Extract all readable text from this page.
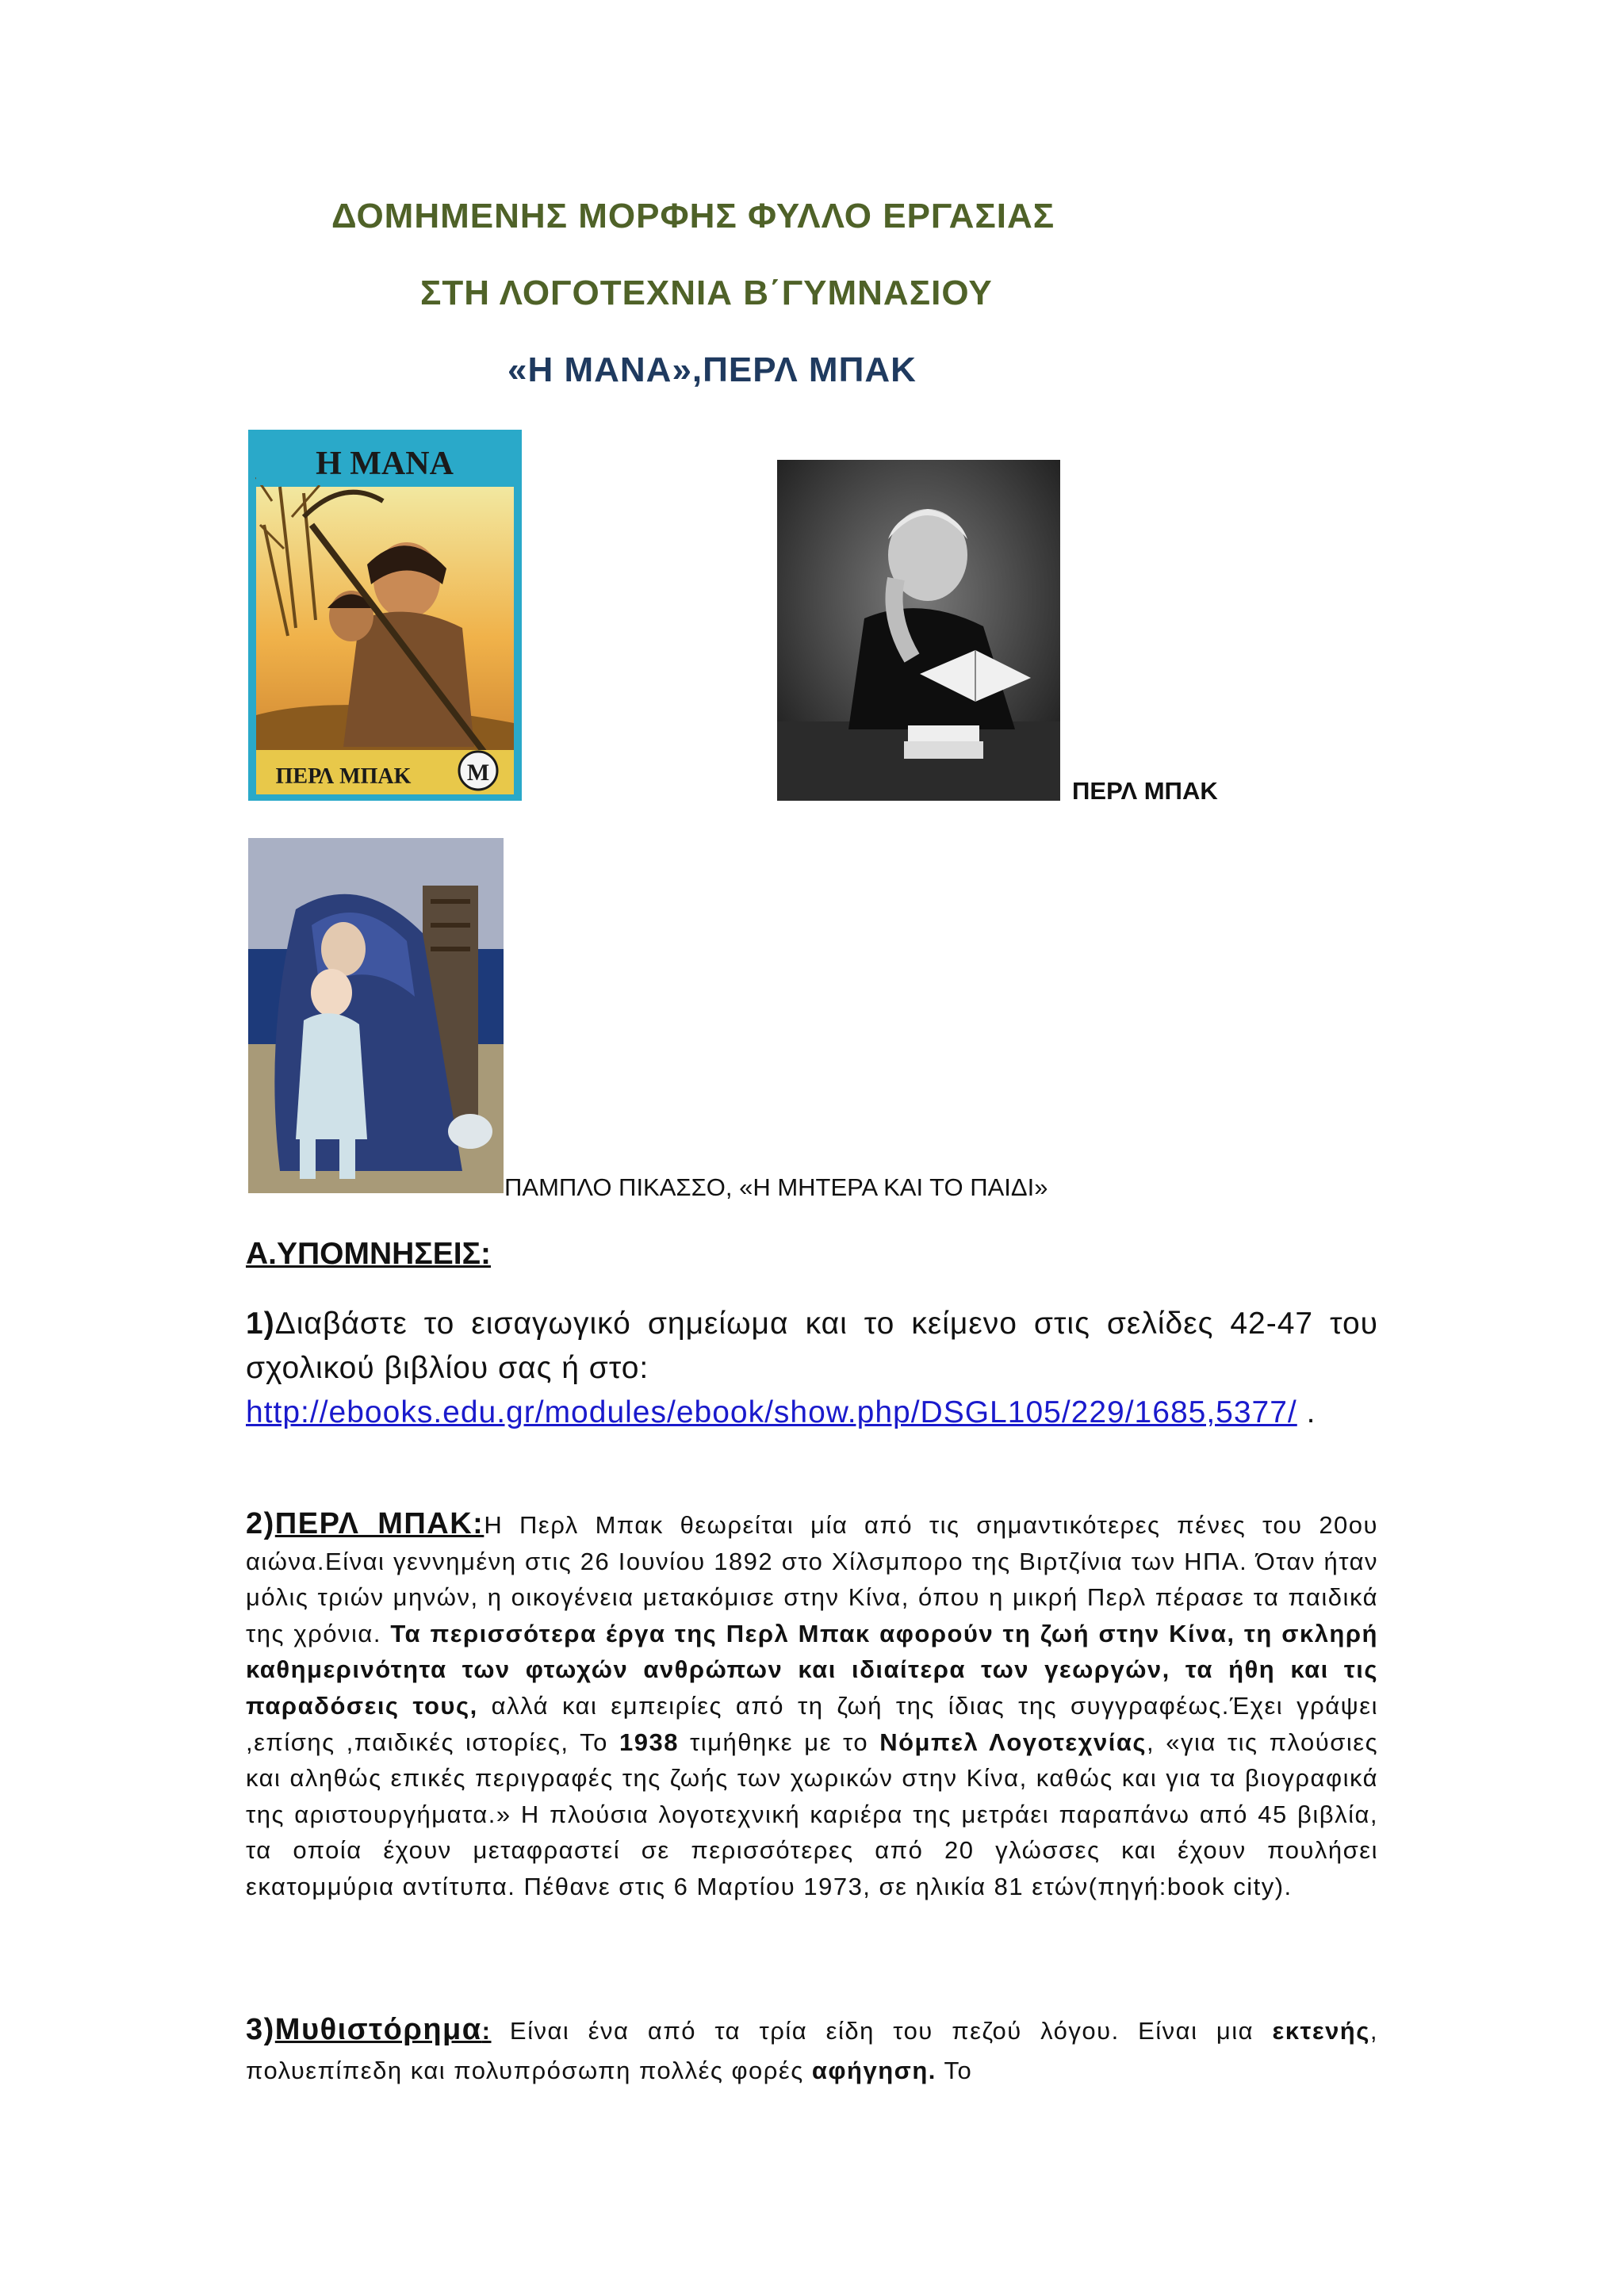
ΔΟΜΗΜΕΝΗΣ ΜΟΡΦΗΣ ΦΥΛΛΟ ΕΡΓΑΣΙΑΣ
ΣΤΗ ΛΟΓΟΤΕΧΝΙΑ Β΄ΓΥΜΝΑΣΙΟΥ
«Η ΜΑΝΑ»,ΠΕΡΛ ΜΠΑΚ
Η ΜΑΝΑ
ΠΕΡΛ ΜΠΑΚ M
ΠΕΡΛ ΜΠΑΚ
ΠΑΜΠΛΟ ΠΙΚΑΣΣΟ, «Η ΜΗΤΕΡΑ ΚΑΙ ΤΟ ΠΑΙΔΙ»
Α.ΥΠΟΜΝΗΣΕΙΣ:
1)Διαβάστε το εισαγωγικό σημείωμα και το κείμενο στις σελίδες 42-47 του σχολικού βιβλίου σας ή στο:
http://ebooks.edu.gr/modules/ebook/show.php/DSGL105/229/1685,5377/ .
2)ΠΕΡΛ ΜΠΑΚ:Η Περλ Μπακ θεωρείται μία από τις σημαντικότερες πένες του 20ου αιώνα.Είναι γεννημένη στις 26 Ιουνίου 1892 στο Χίλσμπορο της Βιρτζίνια των ΗΠΑ. Όταν ήταν μόλις τριών μηνών, η οικογένεια μετακόμισε στην Κίνα, όπου η μικρή Περλ πέρασε τα παιδικά της χρόνια. Τα περισσότερα έργα της Περλ Μπακ αφορούν τη ζωή στην Κίνα, τη σκληρή καθημερινότητα των φτωχών ανθρώπων και ιδιαίτερα των γεωργών, τα ήθη και τις παραδόσεις τους, αλλά και εμπειρίες από τη ζωή της ίδιας της συγγραφέως.Έχει γράψει ,επίσης ,παιδικές ιστορίες, Το 1938 τιμήθηκε με το Νόμπελ Λογοτεχνίας, «για τις πλούσιες και αληθώς επικές περιγραφές της ζωής των χωρικών στην Κίνα, καθώς και για τα βιογραφικά της αριστουργήματα.» Η πλούσια λογοτεχνική καριέρα της μετράει παραπάνω από 45 βιβλία, τα οποία έχουν μεταφραστεί σε περισσότερες από 20 γλώσσες και έχουν πουλήσει εκατομμύρια αντίτυπα. Πέθανε στις 6 Μαρτίου 1973, σε ηλικία 81 ετών(πηγή:book city).
3)Μυθιστόρημα: Είναι ένα από τα τρία είδη του πεζού λόγου. Είναι μια εκτενής, πολυεπίπεδη και πολυπρόσωπη πολλές φορές αφήγηση. Το
